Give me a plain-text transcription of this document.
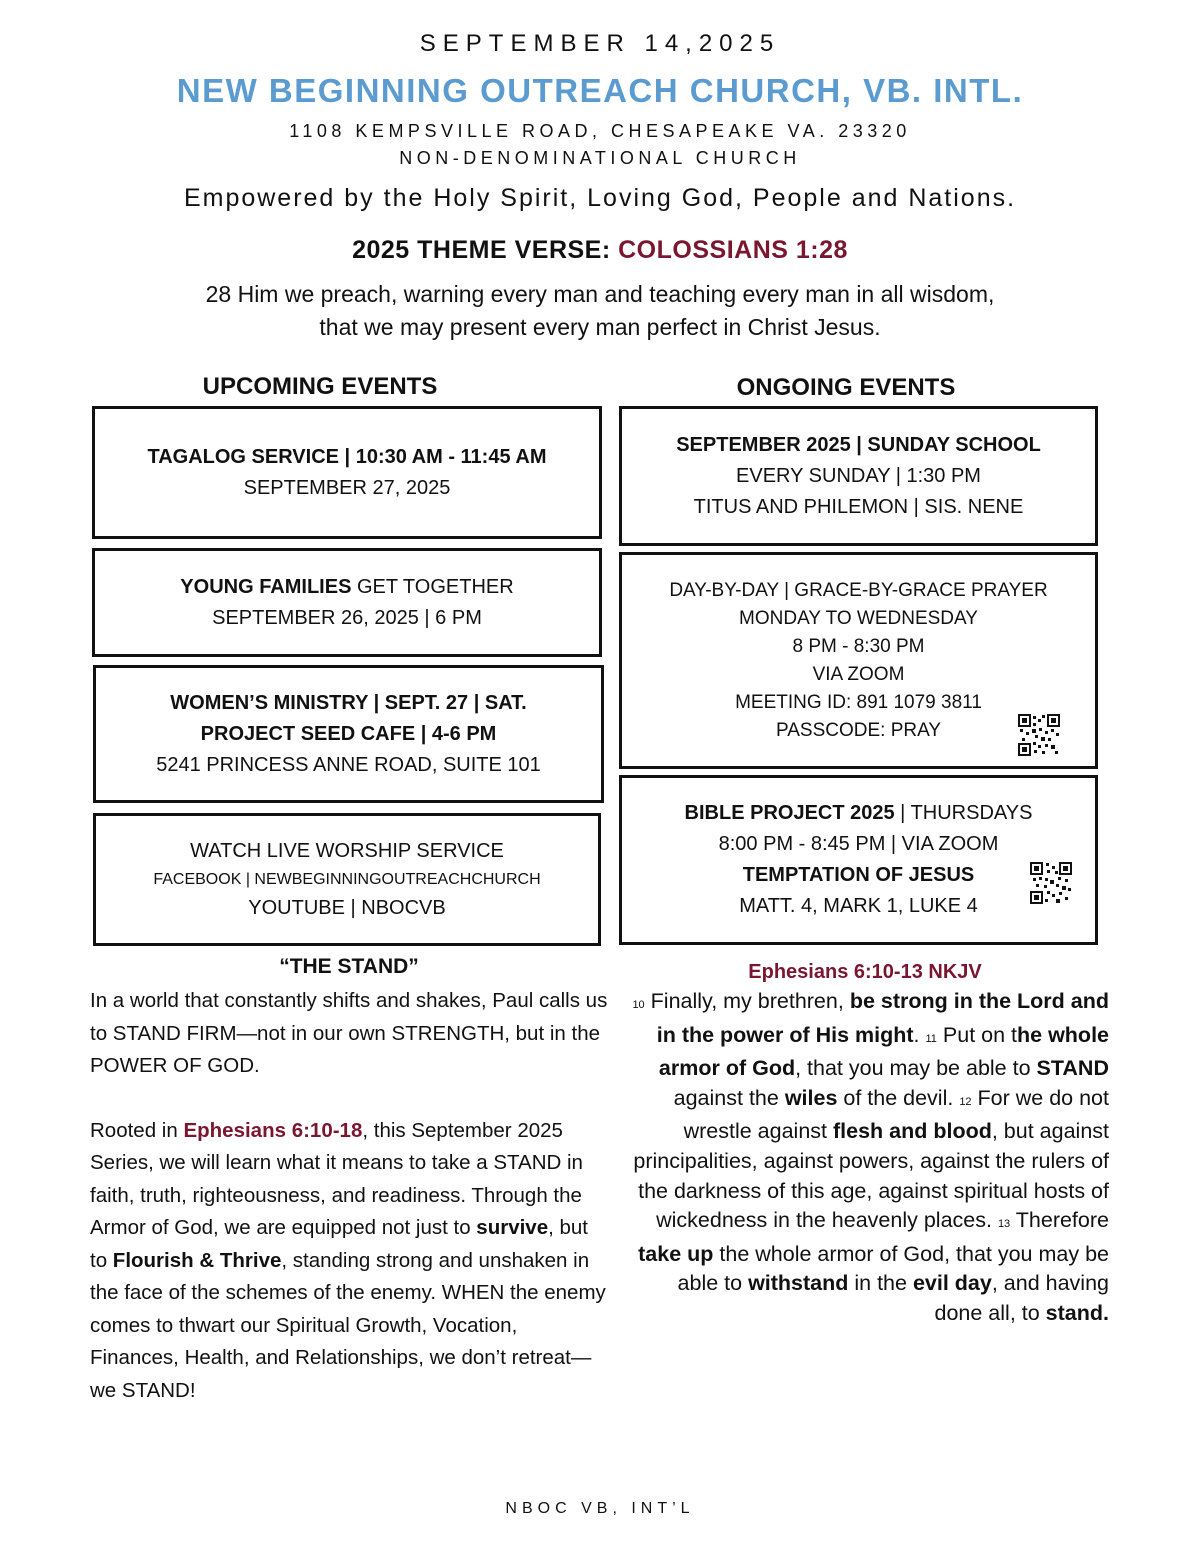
SEPTEMBER 14,2025
NEW BEGINNING OUTREACH CHURCH, VB. INTL.
1108 KEMPSVILLE ROAD, CHESAPEAKE VA. 23320
NON-DENOMINATIONAL CHURCH
Empowered by the Holy Spirit, Loving God, People and Nations.
2025 THEME VERSE: COLOSSIANS 1:28
28 Him we preach, warning every man and teaching every man in all wisdom,
that we may present every man perfect in Christ Jesus.
UPCOMING EVENTS	ONGOING EVENTS
TAGALOG SERVICE | 10:30 AM - 11:45 AM
SEPTEMBER 27, 2025
YOUNG FAMILIES GET TOGETHER
SEPTEMBER 26, 2025 | 6 PM
WOMEN’S MINISTRY | SEPT. 27 | SAT.
PROJECT SEED CAFE | 4-6 PM
5241 PRINCESS ANNE ROAD, SUITE 101
WATCH LIVE WORSHIP SERVICE
FACEBOOK | NEWBEGINNINGOUTREACHCHURCH
YOUTUBE | NBOCVB
SEPTEMBER 2025 | SUNDAY SCHOOL
EVERY SUNDAY | 1:30 PM
TITUS AND PHILEMON | SIS. NENE
DAY-BY-DAY | GRACE-BY-GRACE PRAYER
MONDAY TO WEDNESDAY
8 PM - 8:30 PM
VIA ZOOM
MEETING ID: 891 1079 3811
PASSCODE: PRAY
BIBLE PROJECT 2025 | THURSDAYS
8:00 PM - 8:45 PM | VIA ZOOM
TEMPTATION OF JESUS
MATT. 4, MARK 1, LUKE 4
“THE STAND”
In a world that constantly shifts and shakes, Paul calls us to STAND FIRM—not in our own STRENGTH, but in the POWER OF GOD.
Rooted in Ephesians 6:10-18, this September 2025 Series, we will learn what it means to take a STAND in faith, truth, righteousness, and readiness. Through the Armor of God, we are equipped not just to survive, but to Flourish & Thrive, standing strong and unshaken in the face of the schemes of the enemy. WHEN the enemy comes to thwart our Spiritual Growth, Vocation, Finances, Health, and Relationships, we don’t retreat—we STAND!
Ephesians 6:10-13 NKJV
10 Finally, my brethren, be strong in the Lord and in the power of His might. 11 Put on the whole armor of God, that you may be able to STAND against the wiles of the devil. 12 For we do not wrestle against flesh and blood, but against principalities, against powers, against the rulers of the darkness of this age, against spiritual hosts of wickedness in the heavenly places. 13 Therefore take up the whole armor of God, that you may be able to withstand in the evil day, and having done all, to stand.
NBOC VB, INT’L
